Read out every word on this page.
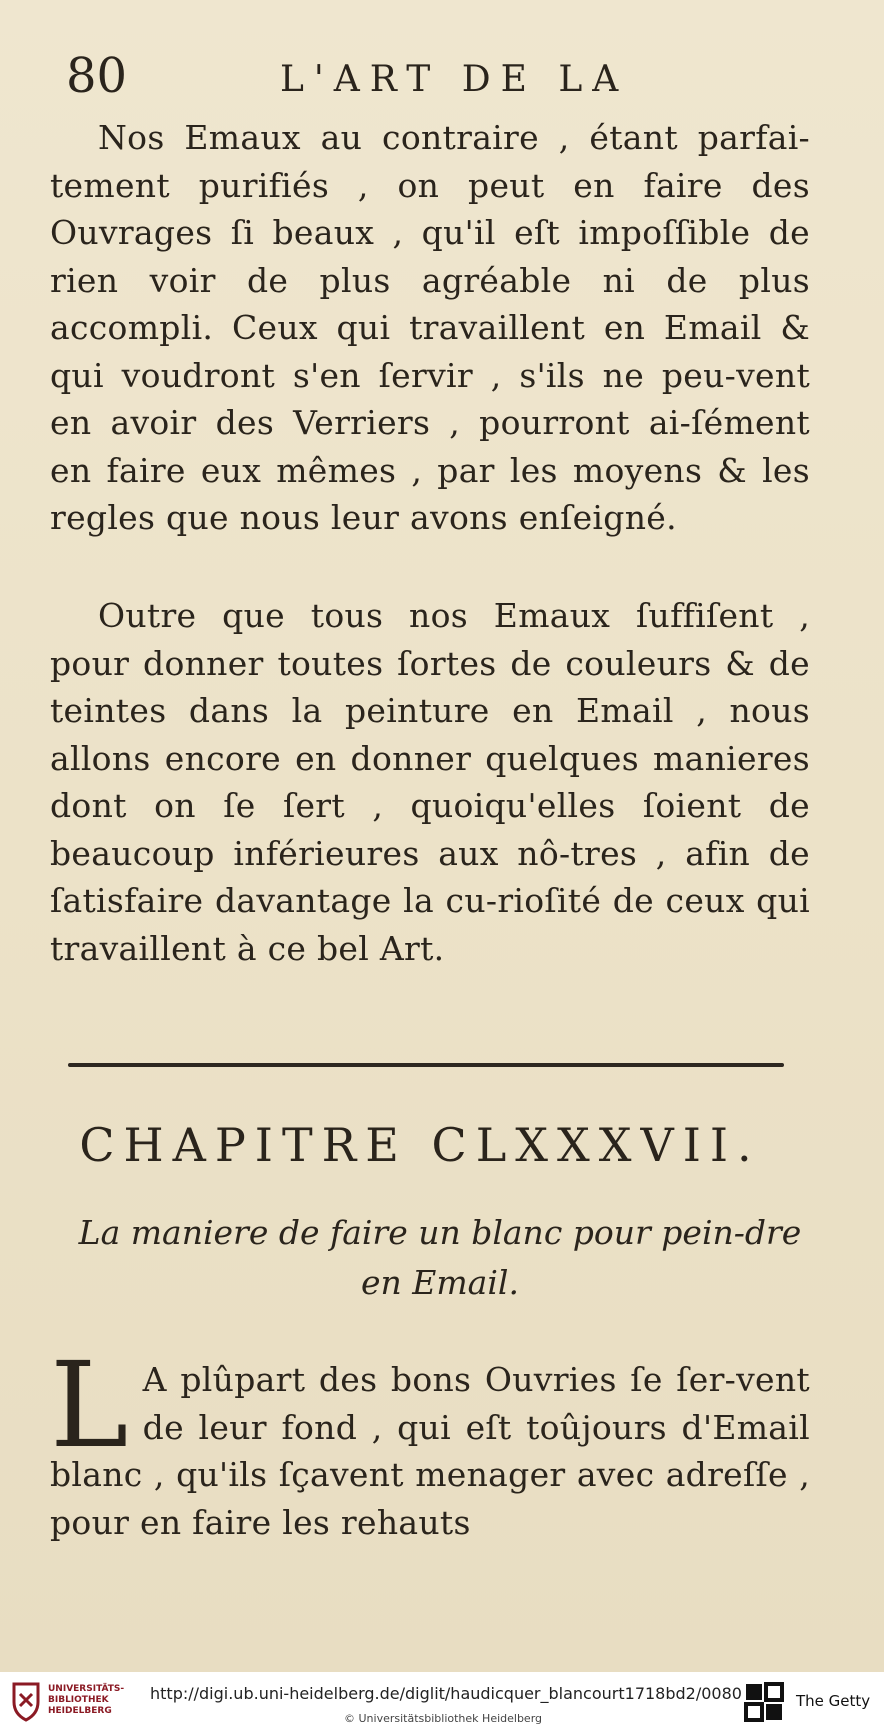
80	L'ART DE LA

Nos Emaux au contraire , étant parfai-tement purifiés , on peut en faire des Ouvrages ſi beaux , qu'il eſt impoſſible de rien voir de plus agréable ni de plus accompli. Ceux qui travaillent en Email & qui voudront s'en ſervir , s'ils ne peu-vent en avoir des Verriers , pourront ai-ſément en faire eux mêmes , par les moyens & les regles que nous leur avons enſeigné.

Outre que tous nos Emaux ſuffiſent , pour donner toutes ſortes de couleurs & de teintes dans la peinture en Email , nous allons encore en donner quelques manieres dont on ſe ſert , quoiqu'elles ſoient de beaucoup inférieures aux nô-tres , afin de ſatisfaire davantage la cu-rioſité de ceux qui travaillent à ce bel Art.

CHAPITRE CLXXXVII.
La maniere de faire un blanc pour pein-dre en Email.
L A plûpart des bons Ouvries ſe ſer-vent de leur fond , qui eſt toûjours d'Email blanc , qu'ils ſçavent menager avec adreſſe , pour en faire les rehauts

UNIVERSITÄTS-
BIBLIOTHEK
HEIDELBERG
http://digi.ub.uni-heidelberg.de/diglit/haudicquer_blancourt1718bd2/0080
© Universitätsbibliothek Heidelberg
The Getty
